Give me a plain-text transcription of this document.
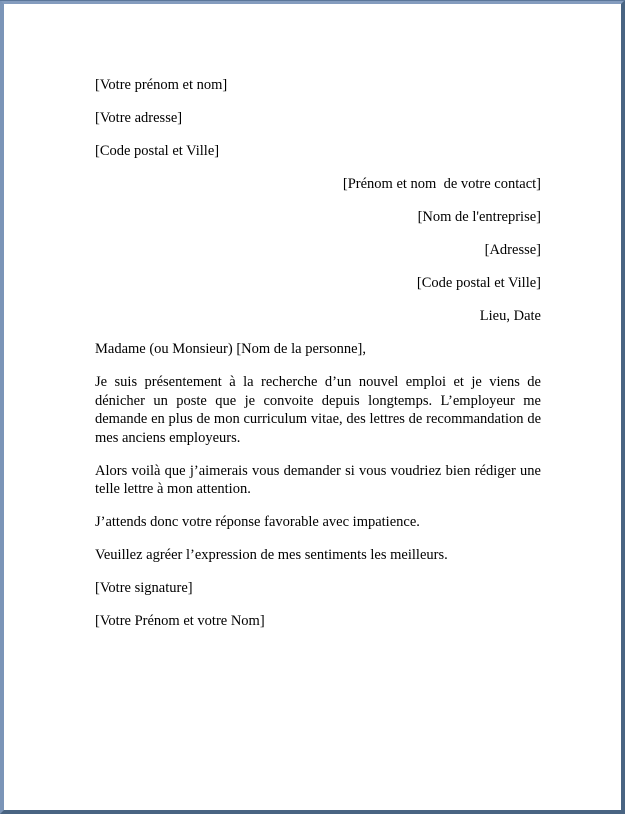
[Votre prénom et nom]

[Votre adresse]

[Code postal et Ville]

[Prénom et nom  de votre contact]

[Nom de l'entreprise]

[Adresse]

[Code postal et Ville]

Lieu, Date

Madame (ou Monsieur) [Nom de la personne],

Je suis présentement à la recherche d’un nouvel emploi et je viens de dénicher un poste que je convoite depuis longtemps. L’employeur me demande en plus de mon curriculum vitae, des lettres de recommandation de mes anciens employeurs.

Alors voilà que j’aimerais vous demander si vous voudriez bien rédiger une telle lettre à mon attention.

J’attends donc votre réponse favorable avec impatience.

Veuillez agréer l’expression de mes sentiments les meilleurs.

[Votre signature]

[Votre Prénom et votre Nom]
